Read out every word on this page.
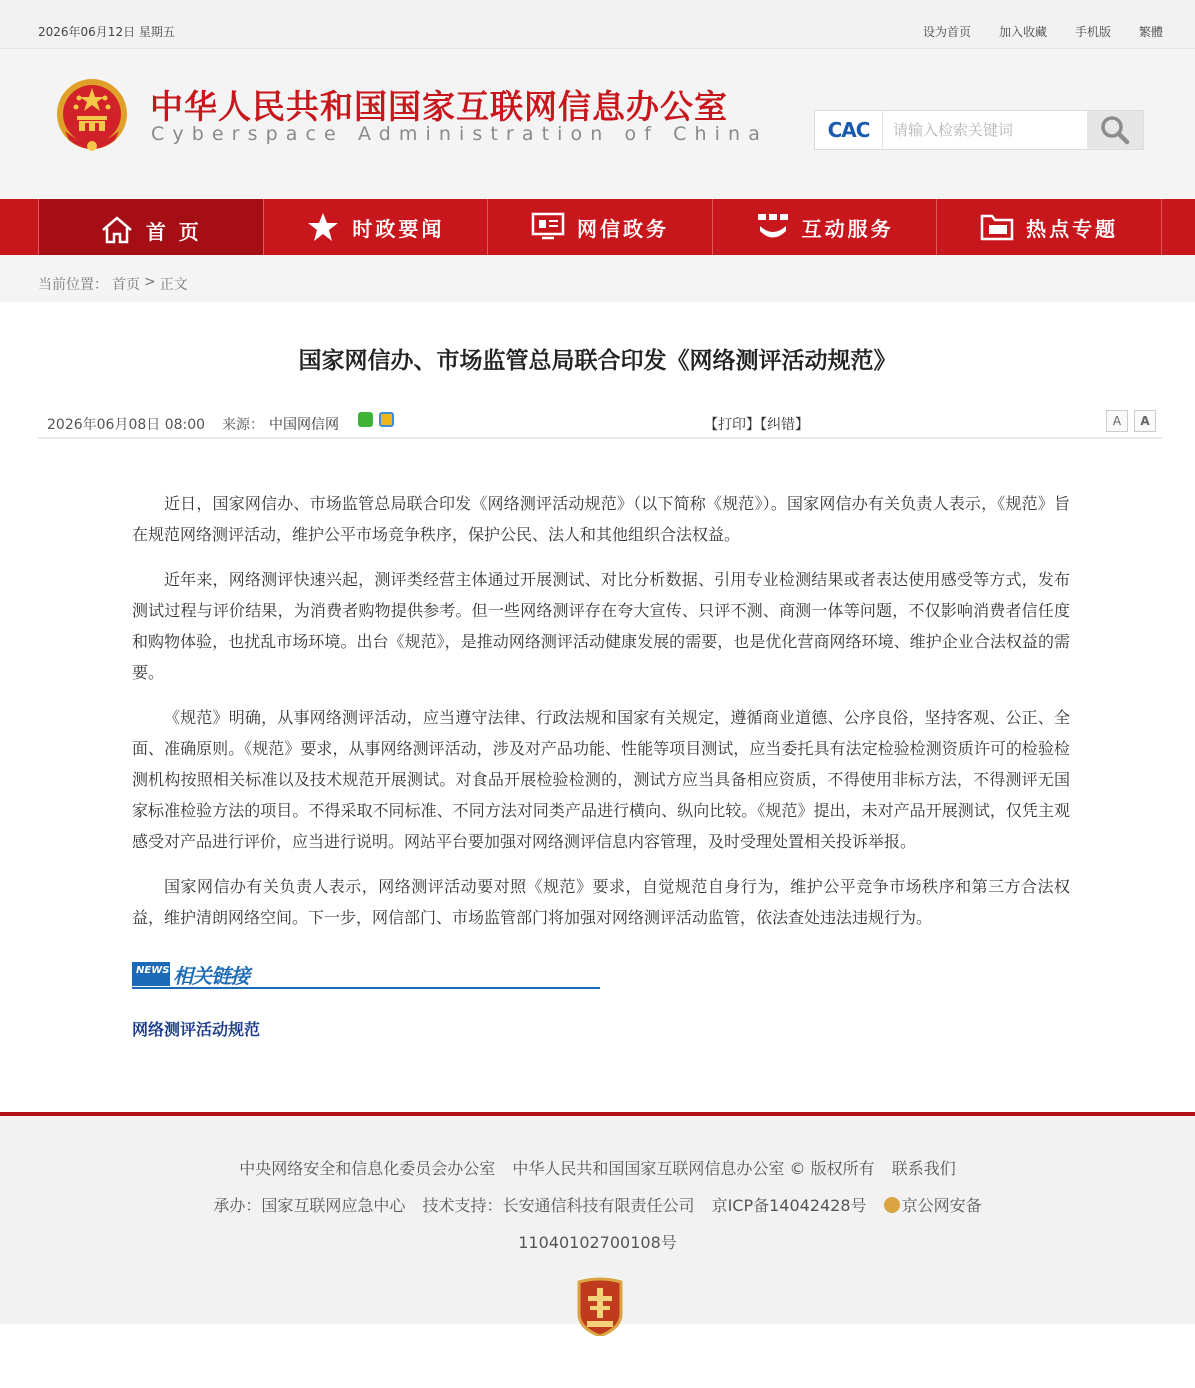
2026年06月12日 星期五	设为首页 加入收藏 手机版 繁體
中华人民共和国国家互联网信息办公室
Cyberspace Administration of China	CAC
请输入检索关键词
首 页	时政要闻	网信政务	互动服务	热点专题
当前位置： 首页 > 正文
国家网信办、市场监管总局联合印发《网络测评活动规范》
2026年06月08日 08:00 来源： 中国网信网	【打印】【纠错】	A	A

近日，国家网信办、市场监管总局联合印发《网络测评活动规范》（以下简称《规范》）。国家网信办有关负责人表示，《规范》旨在规范网络测评活动，维护公平市场竞争秩序，保护公民、法人和其他组织合法权益。

近年来，网络测评快速兴起，测评类经营主体通过开展测试、对比分析数据、引用专业检测结果或者表达使用感受等方式，发布测试过程与评价结果，为消费者购物提供参考。但一些网络测评存在夸大宣传、只评不测、商测一体等问题，不仅影响消费者信任度和购物体验，也扰乱市场环境。出台《规范》，是推动网络测评活动健康发展的需要，也是优化营商网络环境、维护企业合法权益的需要。

《规范》明确，从事网络测评活动，应当遵守法律、行政法规和国家有关规定，遵循商业道德、公序良俗，坚持客观、公正、全面、准确原则。《规范》要求，从事网络测评活动，涉及对产品功能、性能等项目测试，应当委托具有法定检验检测资质许可的检验检测机构按照相关标准以及技术规范开展测试。对食品开展检验检测的，测试方应当具备相应资质，不得使用非标方法，不得测评无国家标准检验方法的项目。不得采取不同标准、不同方法对同类产品进行横向、纵向比较。《规范》提出，未对产品开展测试，仅凭主观感受对产品进行评价，应当进行说明。网站平台要加强对网络测评信息内容管理，及时受理处置相关投诉举报。

国家网信办有关负责人表示，网络测评活动要对照《规范》要求，自觉规范自身行为，维护公平竞争市场秩序和第三方合法权益，维护清朗网络空间。下一步，网信部门、市场监管部门将加强对网络测评活动监管，依法查处违法违规行为。

NEWS 相关链接
网络测评活动规范
中央网络安全和信息化委员会办公室 中华人民共和国国家互联网信息办公室 © 版权所有 联系我们
承办：国家互联网应急中心 技术支持：长安通信科技有限责任公司 京ICP备14042428号 京公网安备
11040102700108号
